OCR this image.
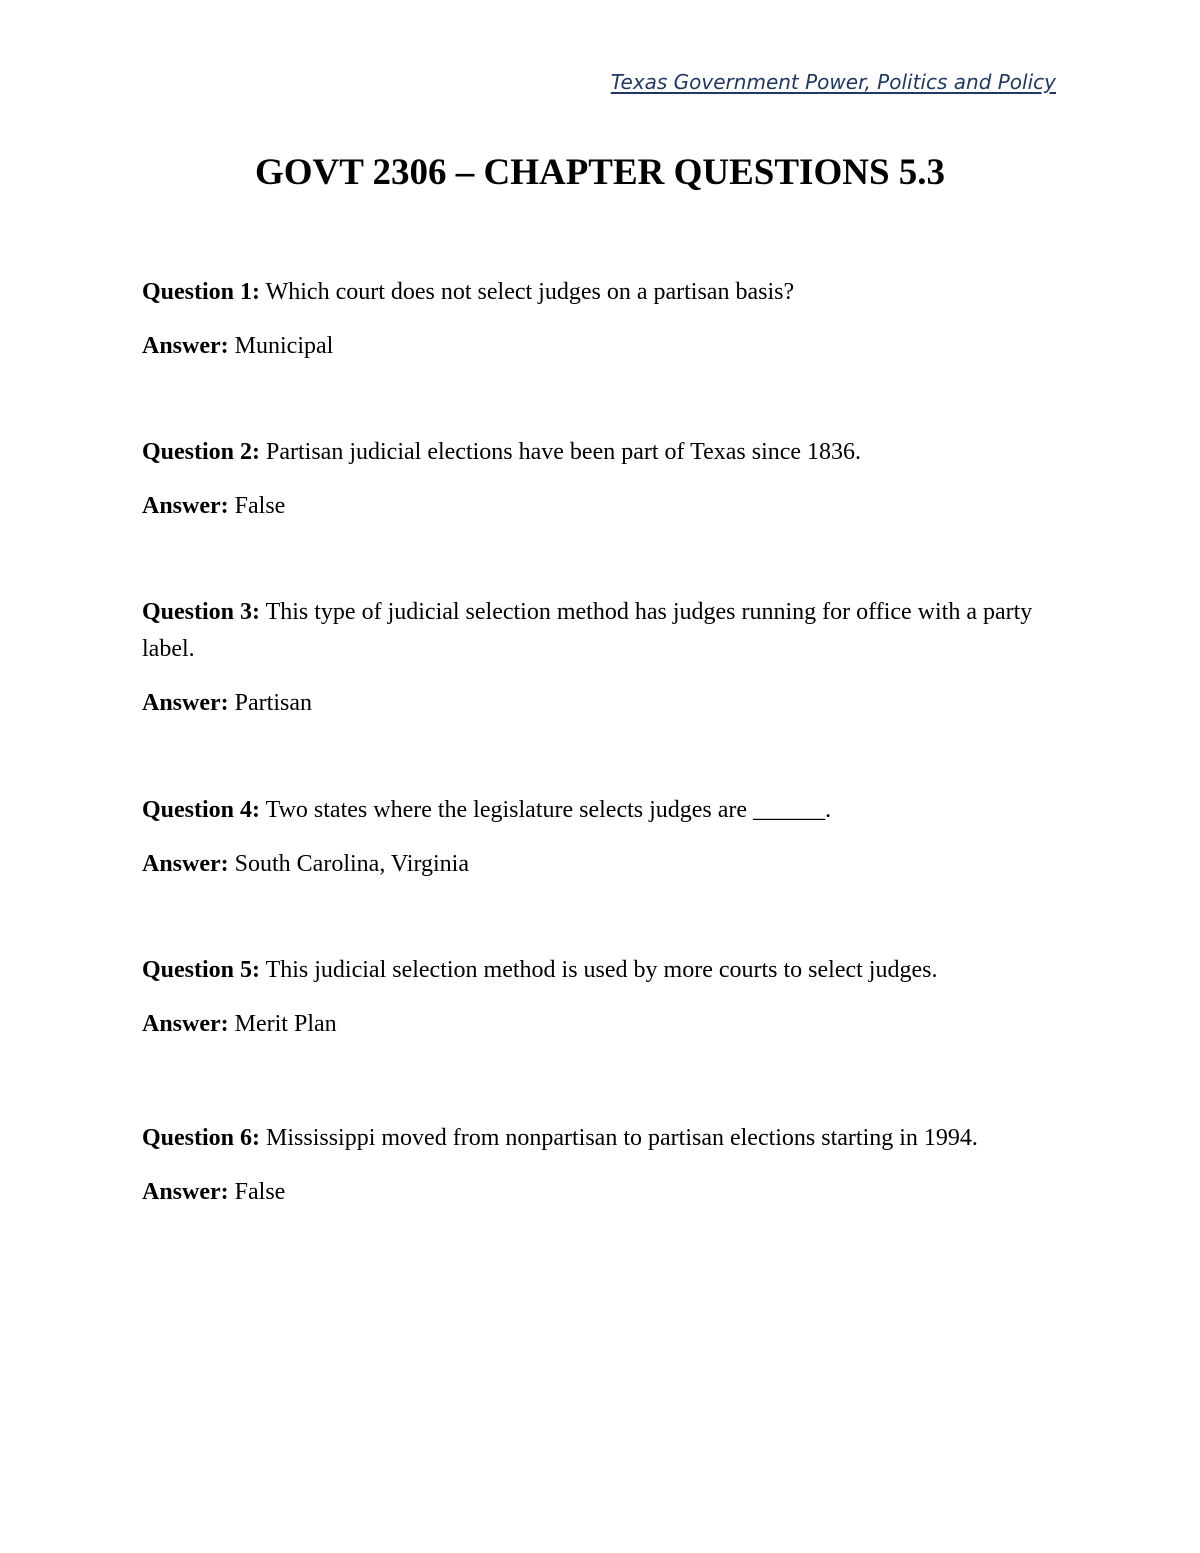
Texas Government Power, Politics and Policy
GOVT 2306 – CHAPTER QUESTIONS 5.3

Question 1: Which court does not select judges on a partisan basis?

Answer: Municipal

Question 2: Partisan judicial elections have been part of Texas since 1836.

Answer: False

Question 3: This type of judicial selection method has judges running for office with a party label.

Answer: Partisan

Question 4: Two states where the legislature selects judges are ______.

Answer: South Carolina, Virginia

Question 5: This judicial selection method is used by more courts to select judges.

Answer: Merit Plan

Question 6: Mississippi moved from nonpartisan to partisan elections starting in 1994.

Answer: False
